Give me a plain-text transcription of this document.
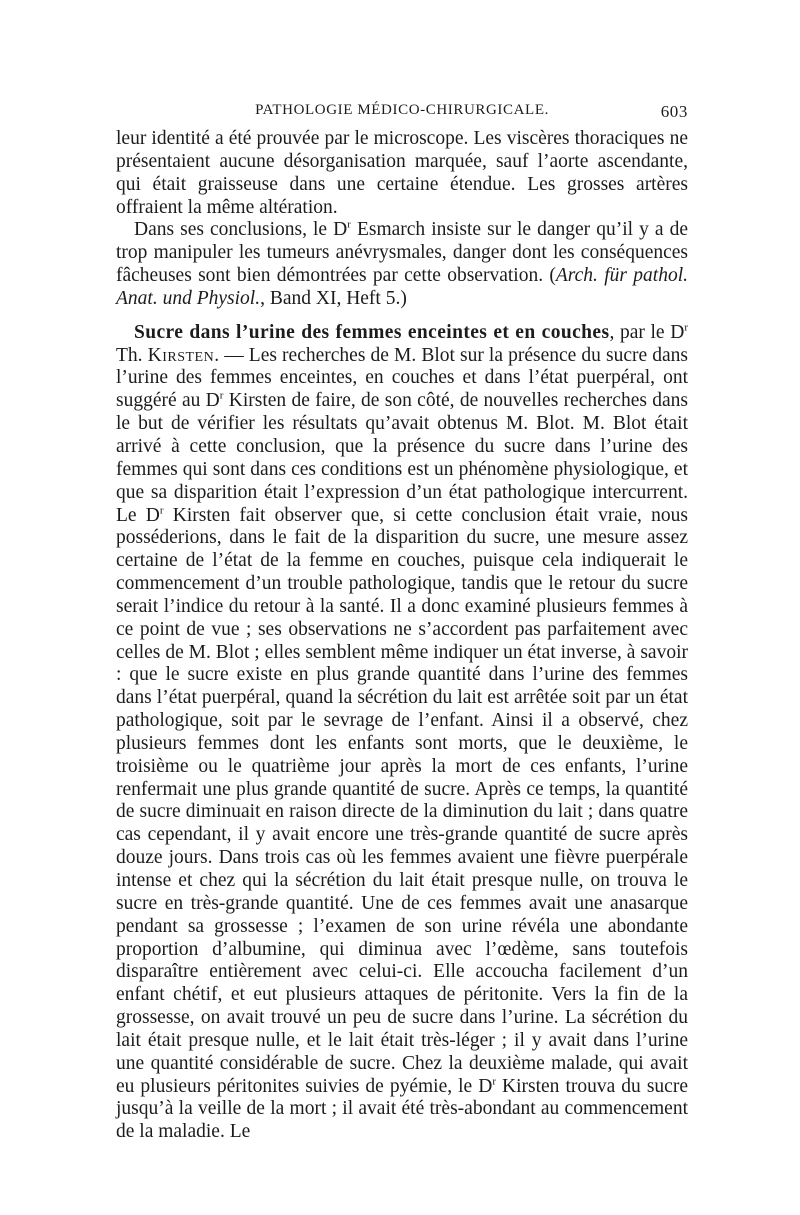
PATHOLOGIE MÉDICO-CHIRURGICALE.	603

leur identité a été prouvée par le microscope. Les viscères thoraciques ne présentaient aucune désorganisation marquée, sauf l’aorte ascendante, qui était graisseuse dans une certaine étendue. Les grosses artères offraient la même altération.

Dans ses conclusions, le $D^r$ Esmarch insiste sur le danger qu’il y a de trop manipuler les tumeurs anévrysmales, danger dont les conséquences fâcheuses sont bien démontrées par cette observation. (Arch. für pathol. Anat. und Physiol., Band XI, Heft 5.)

Sucre dans l’urine des femmes enceintes et en couches, par le $D^r$ Th. Kirsten. — Les recherches de M. Blot sur la présence du sucre dans l’urine des femmes enceintes, en couches et dans l’état puerpéral, ont suggéré au $D^r$ Kirsten de faire, de son côté, de nouvelles recherches dans le but de vérifier les résultats qu’avait obtenus M. Blot. M. Blot était arrivé à cette conclusion, que la présence du sucre dans l’urine des femmes qui sont dans ces conditions est un phénomène physiologique, et que sa disparition était l’expression d’un état pathologique intercurrent. Le $D^r$ Kirsten fait observer que, si cette conclusion était vraie, nous posséderions, dans le fait de la disparition du sucre, une mesure assez certaine de l’état de la femme en couches, puisque cela indiquerait le commencement d’un trouble pathologique, tandis que le retour du sucre serait l’indice du retour à la santé. Il a donc examiné plusieurs femmes à ce point de vue ; ses observations ne s’accordent pas parfaitement avec celles de M. Blot ; elles semblent même indiquer un état inverse, à savoir : que le sucre existe en plus grande quantité dans l’urine des femmes dans l’état puerpéral, quand la sécrétion du lait est arrêtée soit par un état pathologique, soit par le sevrage de l’enfant. Ainsi il a observé, chez plusieurs femmes dont les enfants sont morts, que le deuxième, le troisième ou le quatrième jour après la mort de ces enfants, l’urine renfermait une plus grande quantité de sucre. Après ce temps, la quantité de sucre diminuait en raison directe de la diminution du lait ; dans quatre cas cependant, il y avait encore une très-grande quantité de sucre après douze jours. Dans trois cas où les femmes avaient une fièvre puerpérale intense et chez qui la sécrétion du lait était presque nulle, on trouva le sucre en très-grande quantité. Une de ces femmes avait une anasarque pendant sa grossesse ; l’examen de son urine révéla une abondante proportion d’albumine, qui diminua avec l’œdème, sans toutefois disparaître entièrement avec celui-ci. Elle accoucha facilement d’un enfant chétif, et eut plusieurs attaques de péritonite. Vers la fin de la grossesse, on avait trouvé un peu de sucre dans l’urine. La sécrétion du lait était presque nulle, et le lait était très-léger ; il y avait dans l’urine une quantité considérable de sucre. Chez la deuxième malade, qui avait eu plusieurs péritonites suivies de pyémie, le $D^r$ Kirsten trouva du sucre jusqu’à la veille de la mort ; il avait été très-abondant au commencement de la maladie. Le
